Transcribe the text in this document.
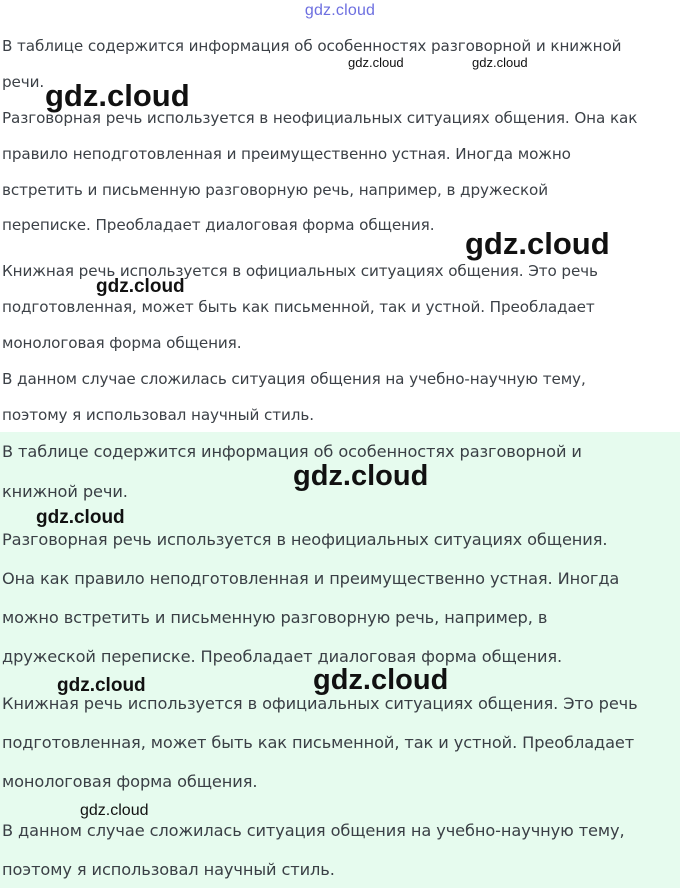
В таблице содержится информация об особенностях разговорной и книжной
речи.
Разговорная речь используется в неофициальных ситуациях общения. Она как
правило неподготовленная и преимущественно устная. Иногда можно
встретить и письменную разговорную речь, например, в дружеской
переписке. Преобладает диалоговая форма общения.
Книжная речь используется в официальных ситуациях общения. Это речь
подготовленная, может быть как письменной, так и устной. Преобладает
монологовая форма общения.
В данном случае сложилась ситуация общения на учебно-научную тему,
поэтому я использовал научный стиль.
В таблице содержится информация об особенностях разговорной и
книжной речи.
Разговорная речь используется в неофициальных ситуациях общения.
Она как правило неподготовленная и преимущественно устная. Иногда
можно встретить и письменную разговорную речь, например, в
дружеской переписке. Преобладает диалоговая форма общения.
Книжная речь используется в официальных ситуациях общения. Это речь
подготовленная, может быть как письменной, так и устной. Преобладает
монологовая форма общения.
В данном случае сложилась ситуация общения на учебно-научную тему,
поэтому я использовал научный стиль.
gdz.cloud
gdz.cloud	gdz.cloud
gdz.cloud
gdz.cloud
gdz.cloud
gdz.cloud
gdz.cloud
gdz.cloud
gdz.cloud
gdz.cloud
